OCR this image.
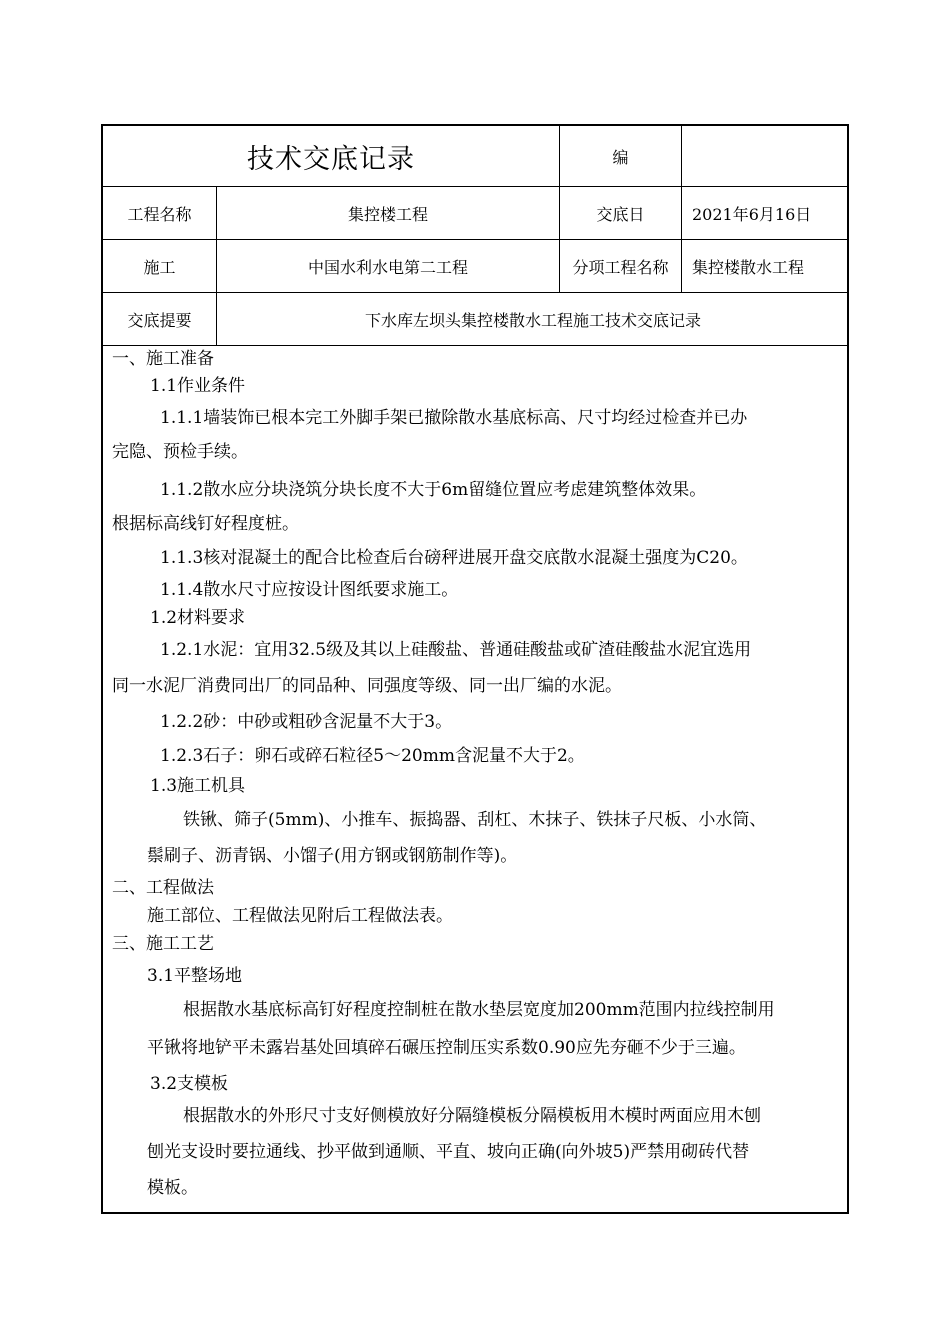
技术交底记录	编
工程名称	集控楼工程	交底日	2021年6月16日
施工	中国水利水电第二工程	分项工程名称	集控楼散水工程
交底提要	下水库左坝头集控楼散水工程施工技术交底记录
一、施工准备
1.1作业条件
1.1.1墙装饰已根本完工外脚手架已撤除散水基底标高、尺寸均经过检查并已办
完隐、预检手续。
1.1.2散水应分块浇筑分块长度不大于6m留缝位置应考虑建筑整体效果。
根据标高线钉好程度桩。
1.1.3核对混凝土的配合比检查后台磅秤进展开盘交底散水混凝土强度为C20。
1.1.4散水尺寸应按设计图纸要求施工。
1.2材料要求
1.2.1水泥：宜用32.5级及其以上硅酸盐、普通硅酸盐或矿渣硅酸盐水泥宜选用
同一水泥厂消费同出厂的同品种、同强度等级、同一出厂编的水泥。
1.2.2砂：中砂或粗砂含泥量不大于3。
1.2.3石子：卵石或碎石粒径5～20mm含泥量不大于2。
1.3施工机具
铁锹、筛子(5mm)、小推车、振捣器、刮杠、木抹子、铁抹子尺板、小水筒、
鬃刷子、沥青锅、小馏子(用方钢或钢筋制作等)。
二、工程做法
施工部位、工程做法见附后工程做法表。
三、施工工艺
3.1平整场地
根据散水基底标高钉好程度控制桩在散水垫层宽度加200mm范围内拉线控制用
平锹将地铲平未露岩基处回填碎石碾压控制压实系数0.90应先夯砸不少于三遍。
3.2支模板
根据散水的外形尺寸支好侧模放好分隔缝模板分隔模板用木模时两面应用木刨
刨光支设时要拉通线、抄平做到通顺、平直、坡向正确(向外坡5)严禁用砌砖代替
模板。
